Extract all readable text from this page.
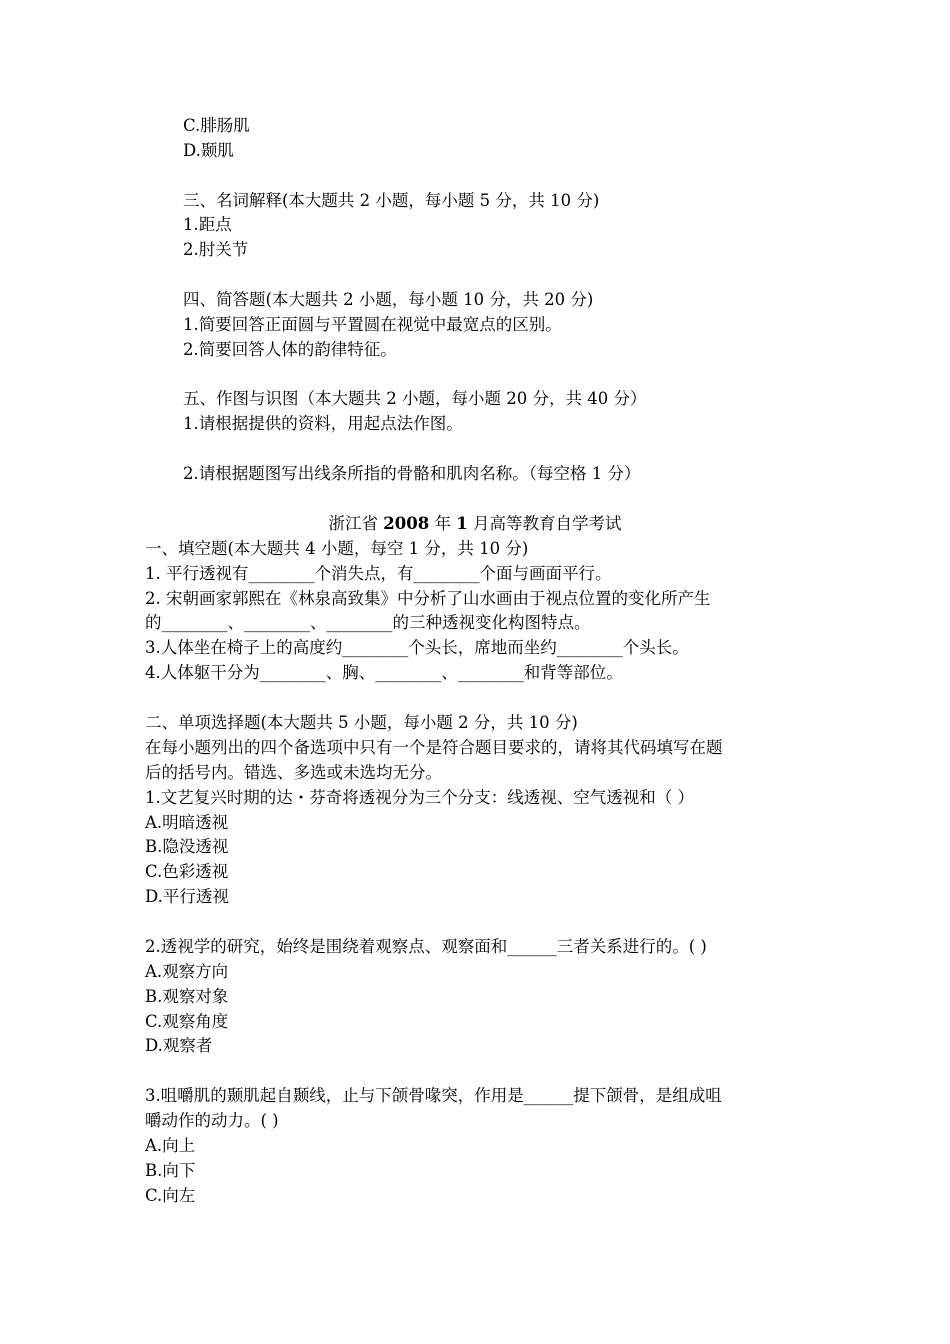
C.腓肠肌
D.颞肌
三、名词解释(本大题共 2 小题，每小题 5 分，共 10 分)
1.距点
2.肘关节
四、简答题(本大题共 2 小题，每小题 10 分，共 20 分)
1.简要回答正面圆与平置圆在视觉中最宽点的区别。
2.简要回答人体的韵律特征。
五、作图与识图（本大题共 2 小题，每小题 20 分，共 40 分）
1.请根据提供的资料，用起点法作图。
2.请根据题图写出线条所指的骨骼和肌肉名称。（每空格 1 分）
浙江省 2008 年 1 月高等教育自学考试
一、填空题(本大题共 4 小题，每空 1 分，共 10 分)
1. 平行透视有________个消失点，有________个面与画面平行。
2. 宋朝画家郭熙在《林泉高致集》中分析了山水画由于视点位置的变化所产生
的________、________、________的三种透视变化构图特点。
3.人体坐在椅子上的高度约________个头长，席地而坐约________个头长。
4.人体躯干分为________、胸、________、________和背等部位。
二、单项选择题(本大题共 5 小题，每小题 2 分，共 10 分)
在每小题列出的四个备选项中只有一个是符合题目要求的，请将其代码填写在题
后的括号内。错选、多选或未选均无分。
1.文艺复兴时期的达・芬奇将透视分为三个分支：线透视、空气透视和（ ）
A.明暗透视
B.隐没透视
C.色彩透视
D.平行透视
2.透视学的研究，始终是围绕着观察点、观察面和______三者关系进行的。( )
A.观察方向
B.观察对象
C.观察角度
D.观察者
3.咀嚼肌的颞肌起自颞线，止与下颌骨喙突，作用是______提下颌骨，是组成咀
嚼动作的动力。( )
A.向上
B.向下
C.向左
